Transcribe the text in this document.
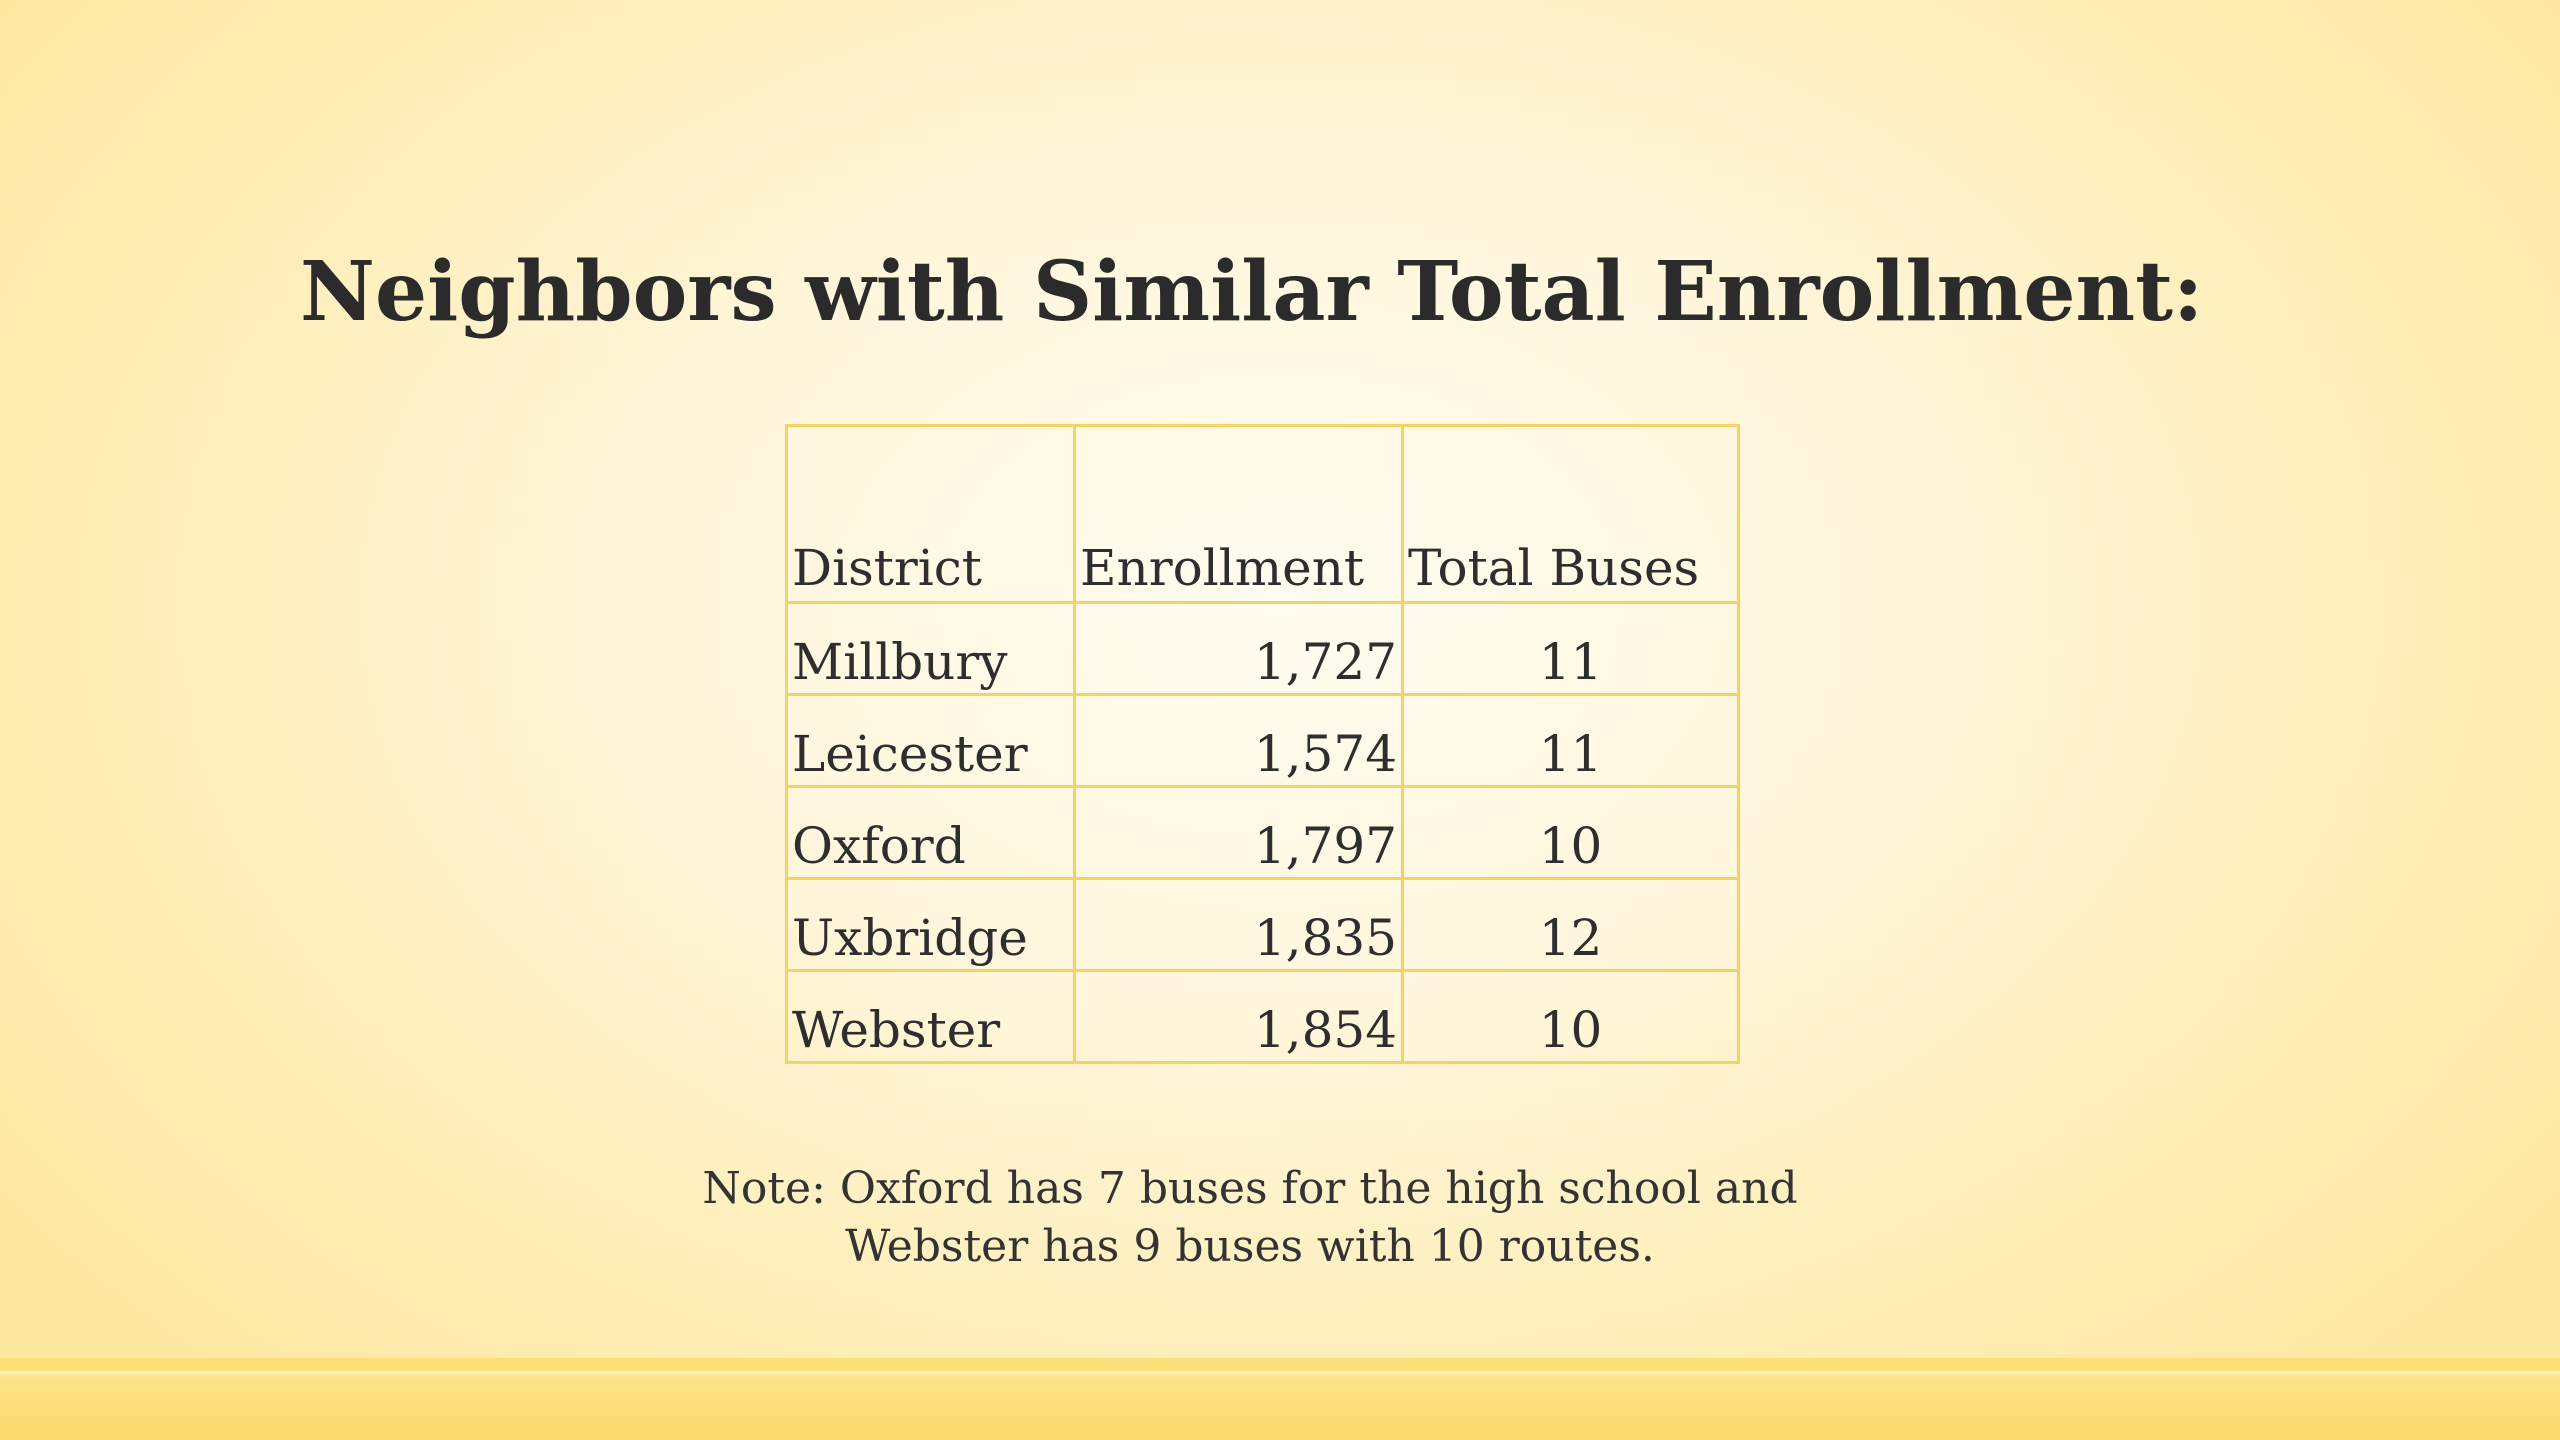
Neighbors with Similar Total Enrollment:
District	Enrollment	Total Buses
Millbury	1,727	11
Leicester	1,574	11
Oxford	1,797	10
Uxbridge	1,835	12
Webster	1,854	10
Note: Oxford has 7 buses for the high school and
Webster has 9 buses with 10 routes.
